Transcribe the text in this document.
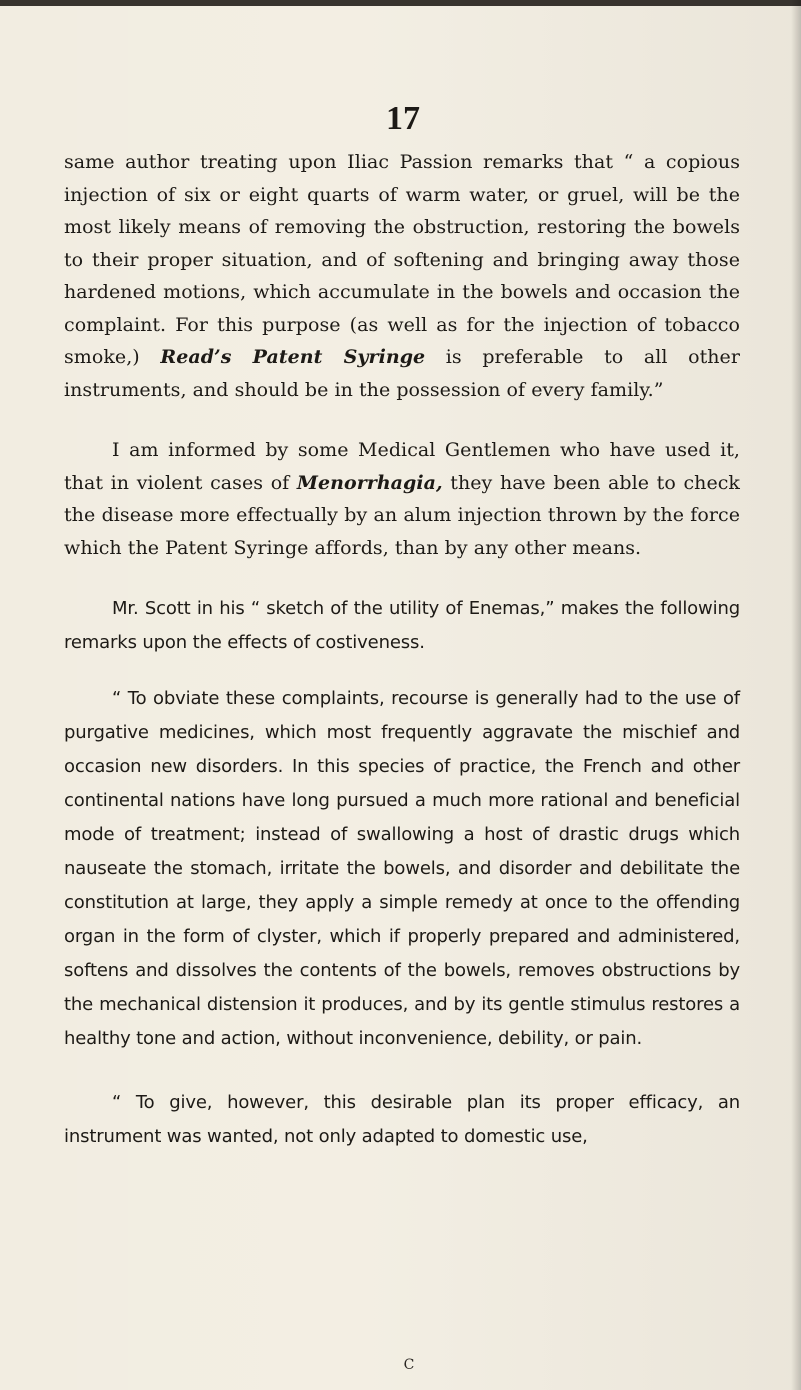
17

same author treating upon Iliac Passion remarks that “ a copious injection of six or eight quarts of warm water, or gruel, will be the most likely means of removing the obstruction, restoring the bowels to their proper situation, and of softening and bringing away those hardened motions, which accumulate in the bowels and occasion the complaint. For this purpose (as well as for the injection of tobacco smoke,) Read’s Patent Syringe is preferable to all other instruments, and should be in the possession of every family.”

I am informed by some Medical Gentlemen who have used it, that in violent cases of Menorrhagia, they have been able to check the disease more effectually by an alum injection thrown by the force which the Patent Syringe affords, than by any other means.

Mr. Scott in his “ sketch of the utility of Enemas,” makes the following remarks upon the effects of costiveness.

“ To obviate these complaints, recourse is generally had to the use of purgative medicines, which most frequently aggravate the mischief and occasion new disorders. In this species of practice, the French and other continental nations have long pursued a much more rational and beneficial mode of treatment; instead of swallowing a host of drastic drugs which nauseate the stomach, irritate the bowels, and disorder and debilitate the constitution at large, they apply a simple remedy at once to the offending organ in the form of clyster, which if properly prepared and administered, softens and dissolves the contents of the bowels, removes obstructions by the mechanical distension it produces, and by its gentle stimulus restores a healthy tone and action, without inconvenience, debility, or pain.

“ To give, however, this desirable plan its proper efficacy, an instrument was wanted, not only adapted to domestic use,

C
